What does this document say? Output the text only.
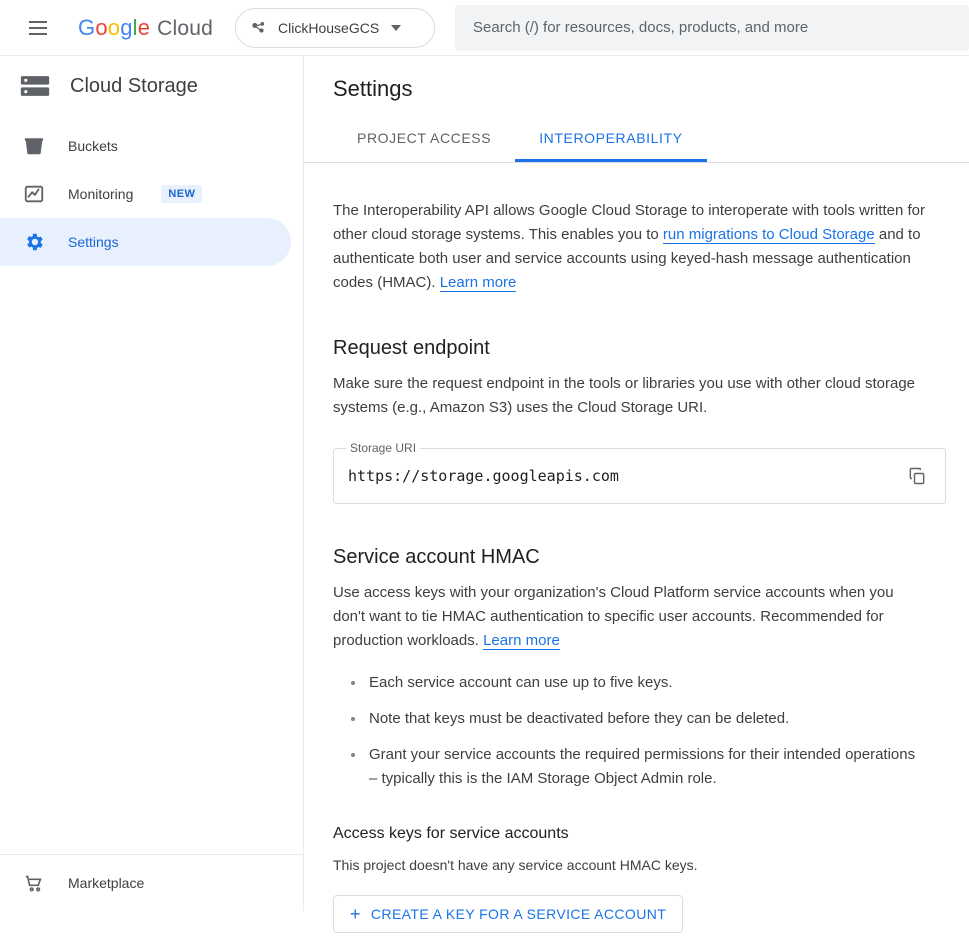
G o o g l e Cloud	ClickHouseGCS
Search (/) for resources, docs, products, and more
Cloud Storage
Buckets
Monitoring	NEW
Settings
Marketplace
Settings
PROJECT ACCESS	INTEROPERABILITY
The Interoperability API allows Google Cloud Storage to interoperate with tools written for other cloud storage systems. This enables you to run migrations to Cloud Storage and to authenticate both user and service accounts using keyed-hash message authentication codes (HMAC). Learn more
Request endpoint

Make sure the request endpoint in the tools or libraries you use with other cloud storage systems (e.g., Amazon S3) uses the Cloud Storage URI.

Storage URI
https://storage.googleapis.com
Service account HMAC

Use access keys with your organization's Cloud Platform service accounts when you don't want to tie HMAC authentication to specific user accounts. Recommended for production workloads. Learn more

Each service account can use up to five keys.
Note that keys must be deactivated before they can be deleted.
Grant your service accounts the required permissions for their intended operations – typically this is the IAM Storage Object Admin role.
Access keys for service accounts

This project doesn't have any service account HMAC keys.

+ CREATE A KEY FOR A SERVICE ACCOUNT
